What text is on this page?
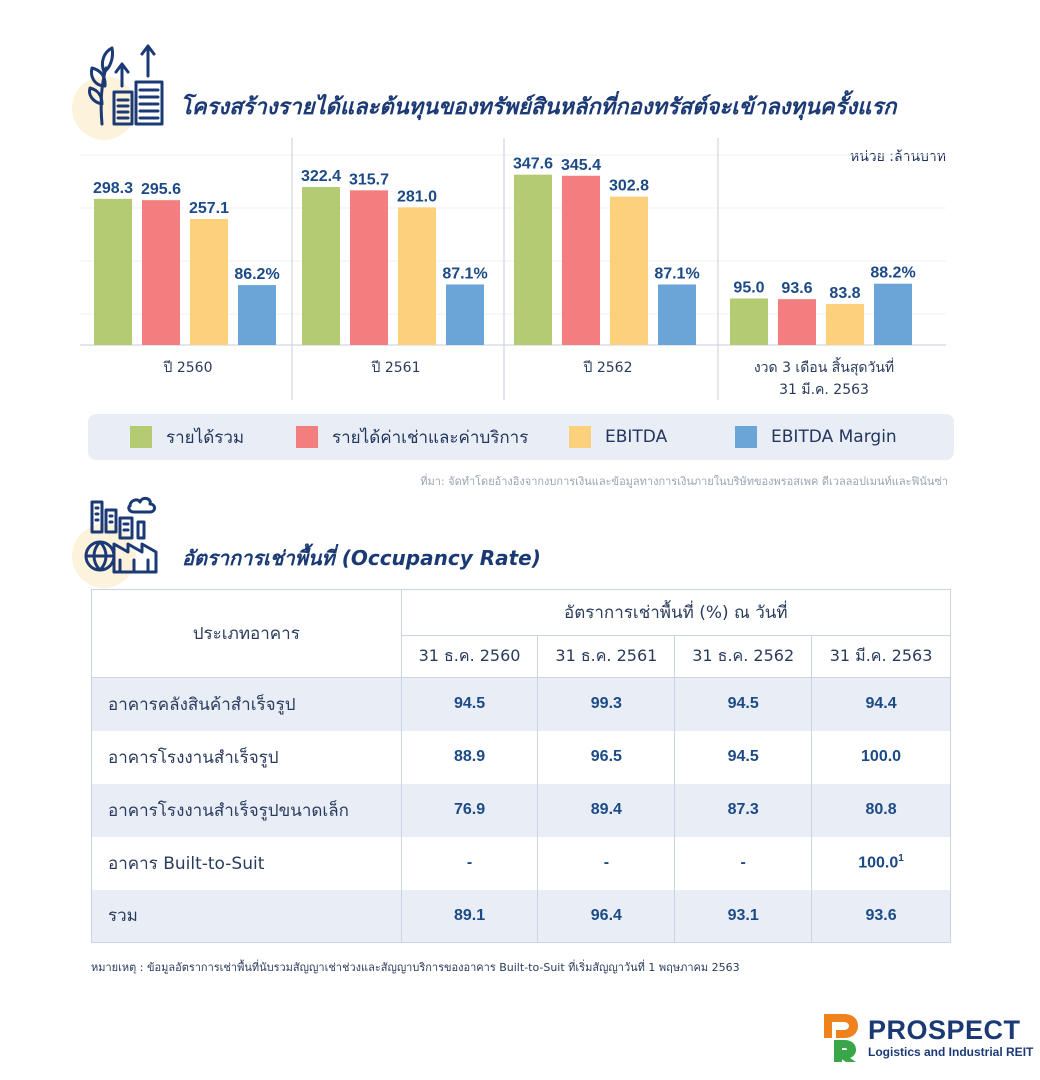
โครงสร้างรายได้และต้นทุนของทรัพย์สินหลักที่กองทรัสต์จะเข้าลงทุนครั้งแรก
หน่วย :ล้านบาท
298.3 295.6
257.1
86.2%
ปี 2560
322.4 315.7
281.0
87.1%
ปี 2561
347.6 345.4
302.8
87.1%
ปี 2562
95.0 93.6 83.8
88.2%
งวด 3 เดือน สิ้นสุดวันที่
31 มี.ค. 2563
รายได้รวม	รายได้ค่าเช่าและค่าบริการ	EBITDA	EBITDA Margin
ที่มา: จัดทำโดยอ้างอิงจากงบการเงินและข้อมูลทางการเงินภายในบริษัทของพรอสเพค ดีเวลลอปเมนท์และฟินันซ่า
อัตราการเช่าพื้นที่ (Occupancy Rate)
ประเภทอาคาร	อัตราการเช่าพื้นที่ (%) ณ วันที่			
	31 ธ.ค. 2560	31 ธ.ค. 2561	31 ธ.ค. 2562	31 มี.ค. 2563
อาคารคลังสินค้าสำเร็จรูป	94.5	99.3	94.5	94.4
อาคารโรงงานสำเร็จรูป	88.9	96.5	94.5	100.0
อาคารโรงงานสำเร็จรูปขนาดเล็ก	76.9	89.4	87.3	80.8
อาคาร Built-to-Suit	-	-	-	100.0$^1$
รวม	89.1	96.4	93.1	93.6
หมายเหตุ : ข้อมูลอัตราการเช่าพื้นที่นับรวมสัญญาเช่าช่วงและสัญญาบริการของอาคาร Built-to-Suit ที่เริ่มสัญญาวันที่ 1 พฤษภาคม 2563
PROSPECT
Logistics and Industrial REIT
